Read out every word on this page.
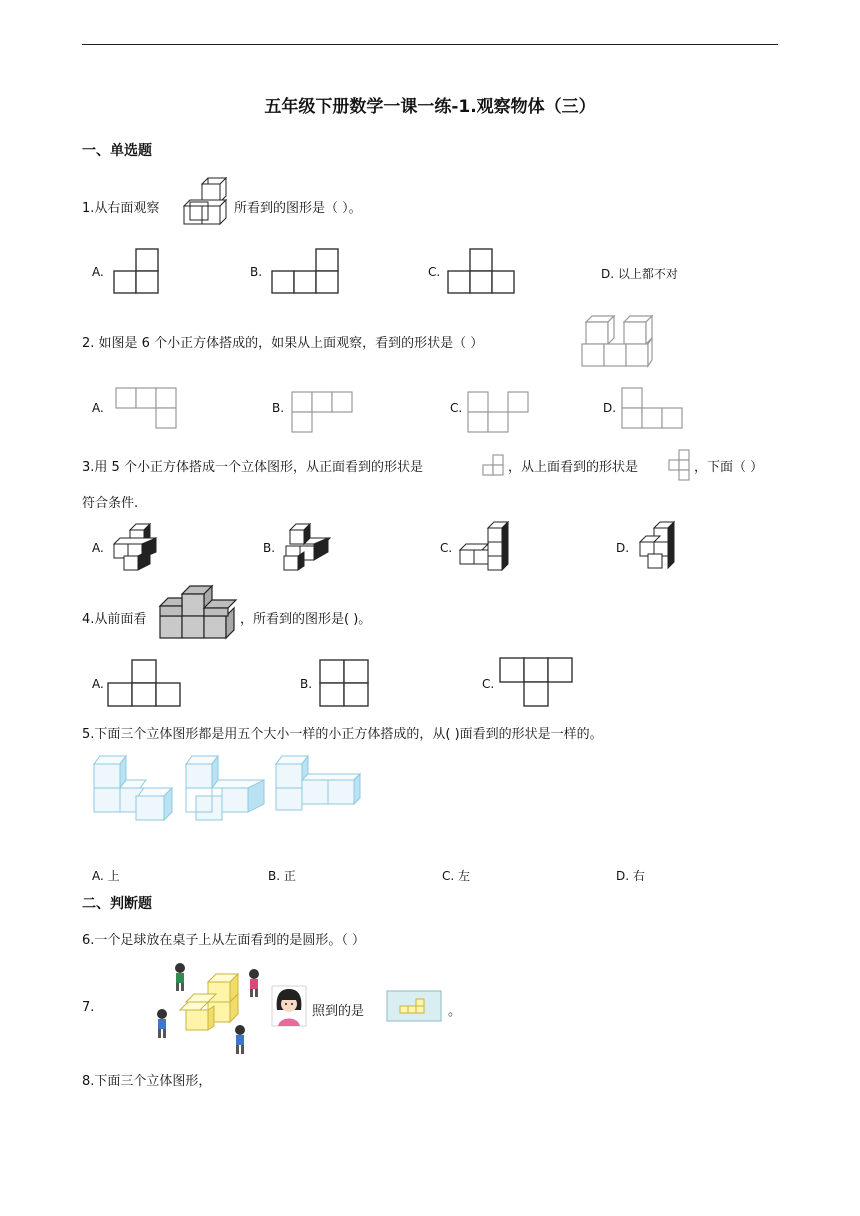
五年级下册数学一课一练-1.观察物体（三）
一、单选题
1.从右面观察	所看到的图形是（ ）。
A.	B.	C.	D. 以上都不对
2. 如图是 6 个小正方体搭成的，如果从上面观察，看到的形状是（ ）
A.	B.	C.	D.
3.用 5 个小正方体搭成一个立体图形，从正面看到的形状是	，从上面看到的形状是	，下面（ ）
符合条件.
A.	B.	C.	D.
4.从前面看	，所看到的图形是( )。
A.	B.	C.
5.下面三个立体图形都是用五个大小一样的小正方体搭成的，从( )面看到的形状是一样的。
A. 上	B. 正	C. 左	D. 右
二、判断题
6.一个足球放在桌子上从左面看到的是圆形。（ ）
7.	照到的是	。
8.下面三个立体图形，
